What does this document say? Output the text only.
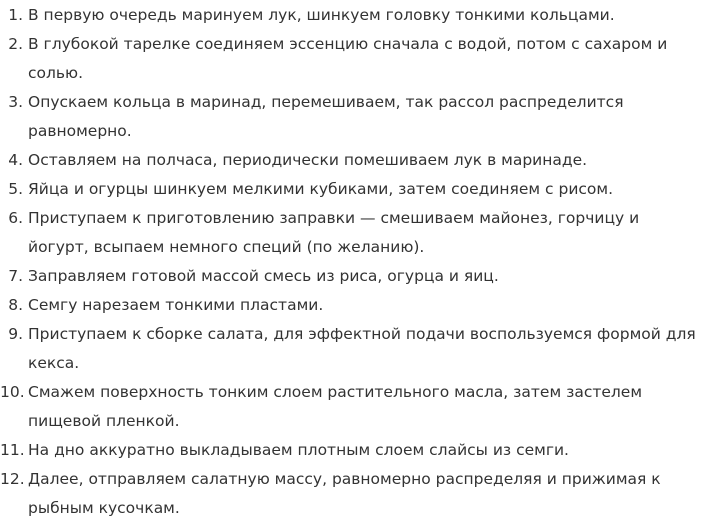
1. В первую очередь маринуем лук, шинкуем головку тонкими кольцами.
2. В глубокой тарелке соединяем эссенцию сначала с водой, потом с сахаром и солью.
3. Опускаем кольца в маринад, перемешиваем, так рассол распределится равномерно.
4. Оставляем на полчаса, периодически помешиваем лук в маринаде.
5. Яйца и огурцы шинкуем мелкими кубиками, затем соединяем с рисом.
6. Приступаем к приготовлению заправки — смешиваем майонез, горчицу и йогурт, всыпаем немного специй (по желанию).
7. Заправляем готовой массой смесь из риса, огурца и яиц.
8. Семгу нарезаем тонкими пластами.
9. Приступаем к сборке салата, для эффектной подачи воспользуемся формой для кекса.
10. Смажем поверхность тонким слоем растительного масла, затем застелем пищевой пленкой.
11. На дно аккуратно выкладываем плотным слоем слайсы из семги.
12. Далее, отправляем салатную массу, равномерно распределяя и прижимая к рыбным кусочкам.
